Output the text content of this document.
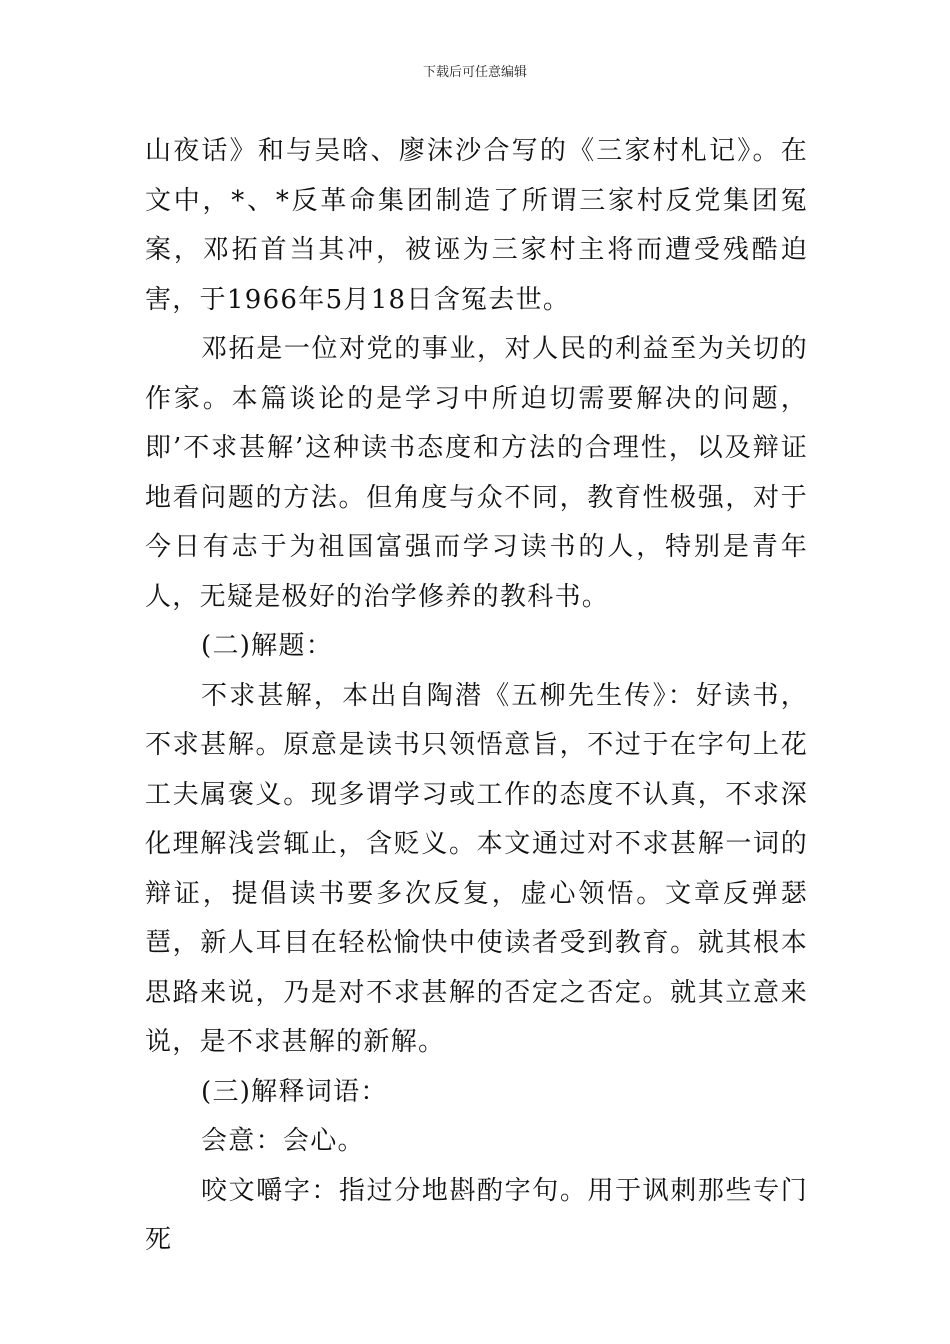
下载后可任意编辑

山夜话》和与吴晗、廖沫沙合写的《三家村札记》。在文中，*、*反革命集团制造了所谓三家村反党集团冤案，邓拓首当其冲，被诬为三家村主将而遭受残酷迫害，于1966年5月18日含冤去世。

邓拓是一位对党的事业，对人民的利益至为关切的作家。本篇谈论的是学习中所迫切需要解决的问题，即’不求甚解’这种读书态度和方法的合理性，以及辩证地看问题的方法。但角度与众不同，教育性极强，对于今日有志于为祖国富强而学习读书的人，特别是青年人，无疑是极好的治学修养的教科书。

(二)解题：

不求甚解，本出自陶潜《五柳先生传》：好读书，不求甚解。原意是读书只领悟意旨，不过于在字句上花工夫属褒义。现多谓学习或工作的态度不认真，不求深化理解浅尝辄止，含贬义。本文通过对不求甚解一词的辩证，提倡读书要多次反复，虚心领悟。文章反弹瑟琶，新人耳目在轻松愉快中使读者受到教育。就其根本思路来说，乃是对不求甚解的否定之否定。就其立意来说，是不求甚解的新解。

(三)解释词语：

会意：会心。

咬文嚼字：指过分地斟酌字句。用于讽刺那些专门死
